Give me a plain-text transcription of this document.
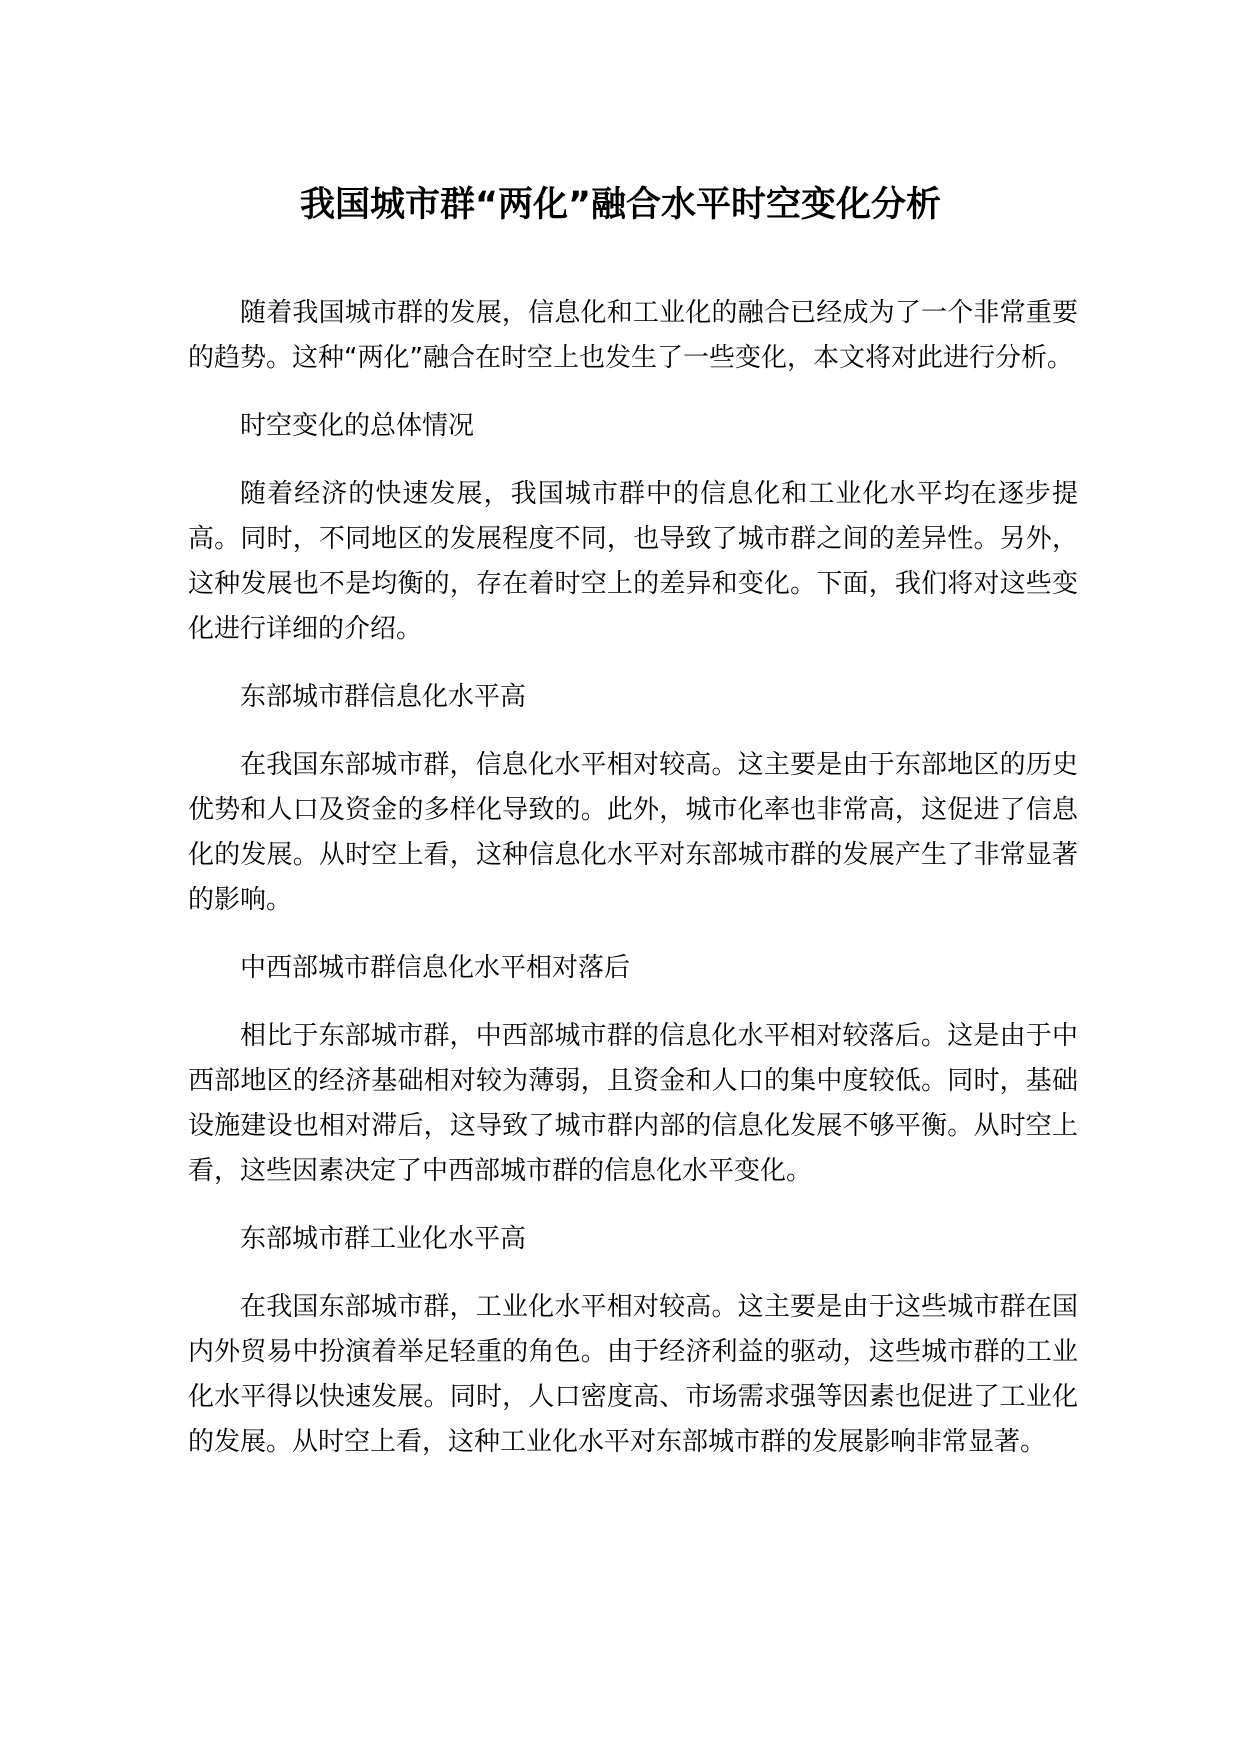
我国城市群“两化”融合水平时空变化分析

随着我国城市群的发展，信息化和工业化的融合已经成为了一个非常重要的趋势。这种“两化”融合在时空上也发生了一些变化，本文将对此进行分析。

时空变化的总体情况

随着经济的快速发展，我国城市群中的信息化和工业化水平均在逐步提高。同时，不同地区的发展程度不同，也导致了城市群之间的差异性。另外，这种发展也不是均衡的，存在着时空上的差异和变化。下面，我们将对这些变化进行详细的介绍。

东部城市群信息化水平高

在我国东部城市群，信息化水平相对较高。这主要是由于东部地区的历史优势和人口及资金的多样化导致的。此外，城市化率也非常高，这促进了信息化的发展。从时空上看，这种信息化水平对东部城市群的发展产生了非常显著的影响。

中西部城市群信息化水平相对落后

相比于东部城市群，中西部城市群的信息化水平相对较落后。这是由于中西部地区的经济基础相对较为薄弱，且资金和人口的集中度较低。同时，基础设施建设也相对滞后，这导致了城市群内部的信息化发展不够平衡。从时空上看，这些因素决定了中西部城市群的信息化水平变化。

东部城市群工业化水平高

在我国东部城市群，工业化水平相对较高。这主要是由于这些城市群在国内外贸易中扮演着举足轻重的角色。由于经济利益的驱动，这些城市群的工业化水平得以快速发展。同时，人口密度高、市场需求强等因素也促进了工业化的发展。从时空上看，这种工业化水平对东部城市群的发展影响非常显著。
